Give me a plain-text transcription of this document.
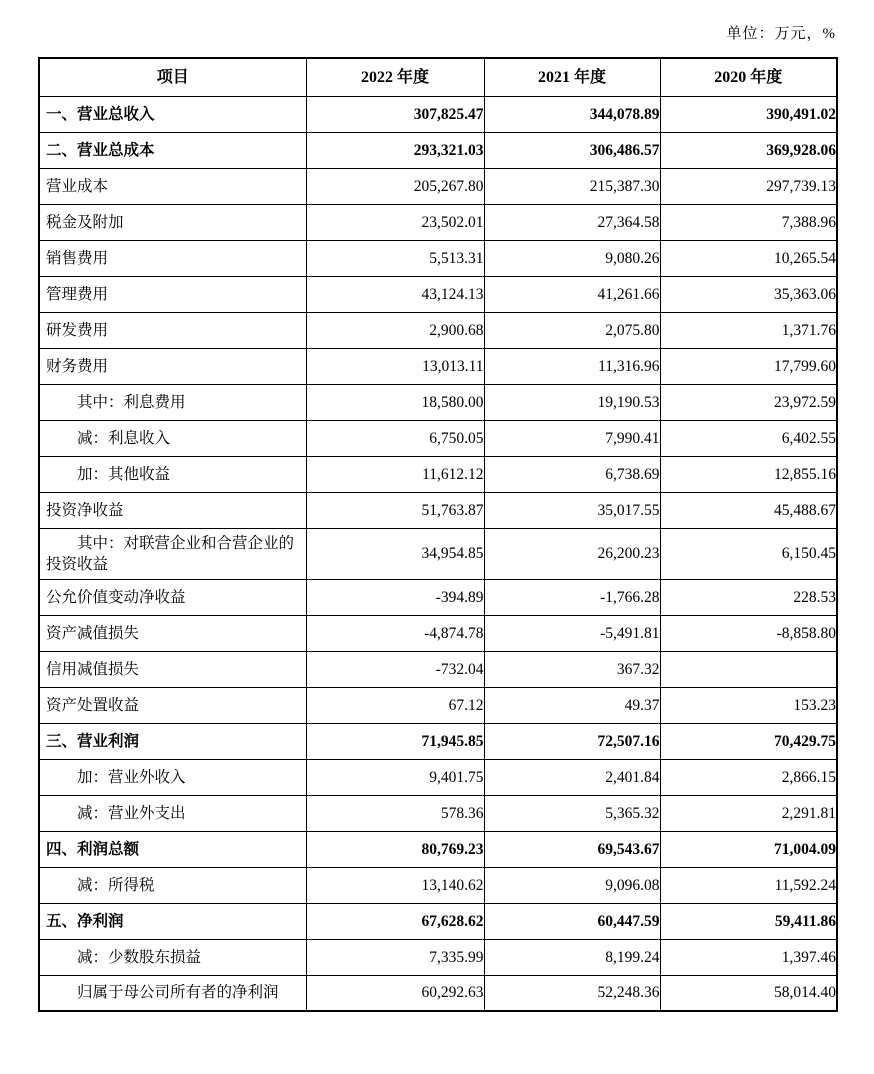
单位：万元，%
项目	2022 年度	2021 年度	2020 年度

一、营业总收入	307,825.47	344,078.89	390,491.02

二、营业总成本	293,321.03	306,486.57	369,928.06

营业成本	205,267.80	215,387.30	297,739.13

税金及附加	23,502.01	27,364.58	7,388.96

销售费用	5,513.31	9,080.26	10,265.54

管理费用	43,124.13	41,261.66	35,363.06

研发费用	2,900.68	2,075.80	1,371.76

财务费用	13,013.11	11,316.96	17,799.60

其中：利息费用	18,580.00	19,190.53	23,972.59

减：利息收入	6,750.05	7,990.41	6,402.55

加：其他收益	11,612.12	6,738.69	12,855.16

投资净收益	51,763.87	35,017.55	45,488.67

其中：对联营企业和合营企业的投资收益	34,954.85	26,200.23	6,150.45

公允价值变动净收益	-394.89	-1,766.28	228.53

资产减值损失	-4,874.78	-5,491.81	-8,858.80

信用减值损失	-732.04	367.32	

资产处置收益	67.12	49.37	153.23

三、营业利润	71,945.85	72,507.16	70,429.75

加：营业外收入	9,401.75	2,401.84	2,866.15

减：营业外支出	578.36	5,365.32	2,291.81

四、利润总额	80,769.23	69,543.67	71,004.09

减：所得税	13,140.62	9,096.08	11,592.24

五、净利润	67,628.62	60,447.59	59,411.86

减：少数股东损益	7,335.99	8,199.24	1,397.46

归属于母公司所有者的净利润	60,292.63	52,248.36	58,014.40
